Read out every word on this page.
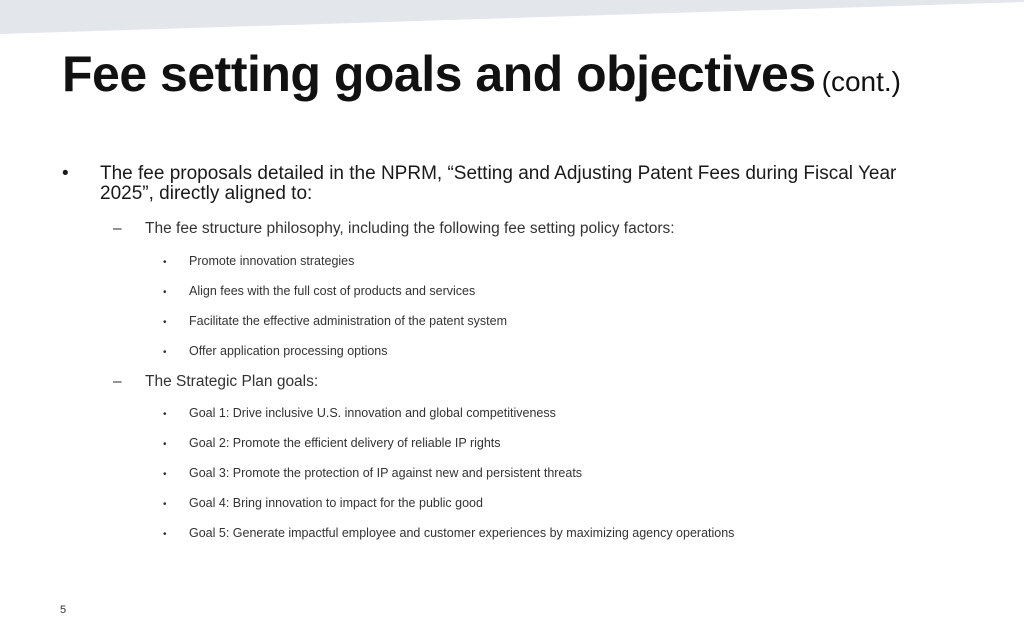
Fee setting goals and objectives (cont.)
• The fee proposals detailed in the NPRM, “Setting and Adjusting Patent Fees during Fiscal Year 2025”, directly aligned to:
– The fee structure philosophy, including the following fee setting policy factors:
• Promote innovation strategies
• Align fees with the full cost of products and services
• Facilitate the effective administration of the patent system
• Offer application processing options
– The Strategic Plan goals:
• Goal 1: Drive inclusive U.S. innovation and global competitiveness
• Goal 2: Promote the efficient delivery of reliable IP rights
• Goal 3: Promote the protection of IP against new and persistent threats
• Goal 4: Bring innovation to impact for the public good
• Goal 5: Generate impactful employee and customer experiences by maximizing agency operations
5
